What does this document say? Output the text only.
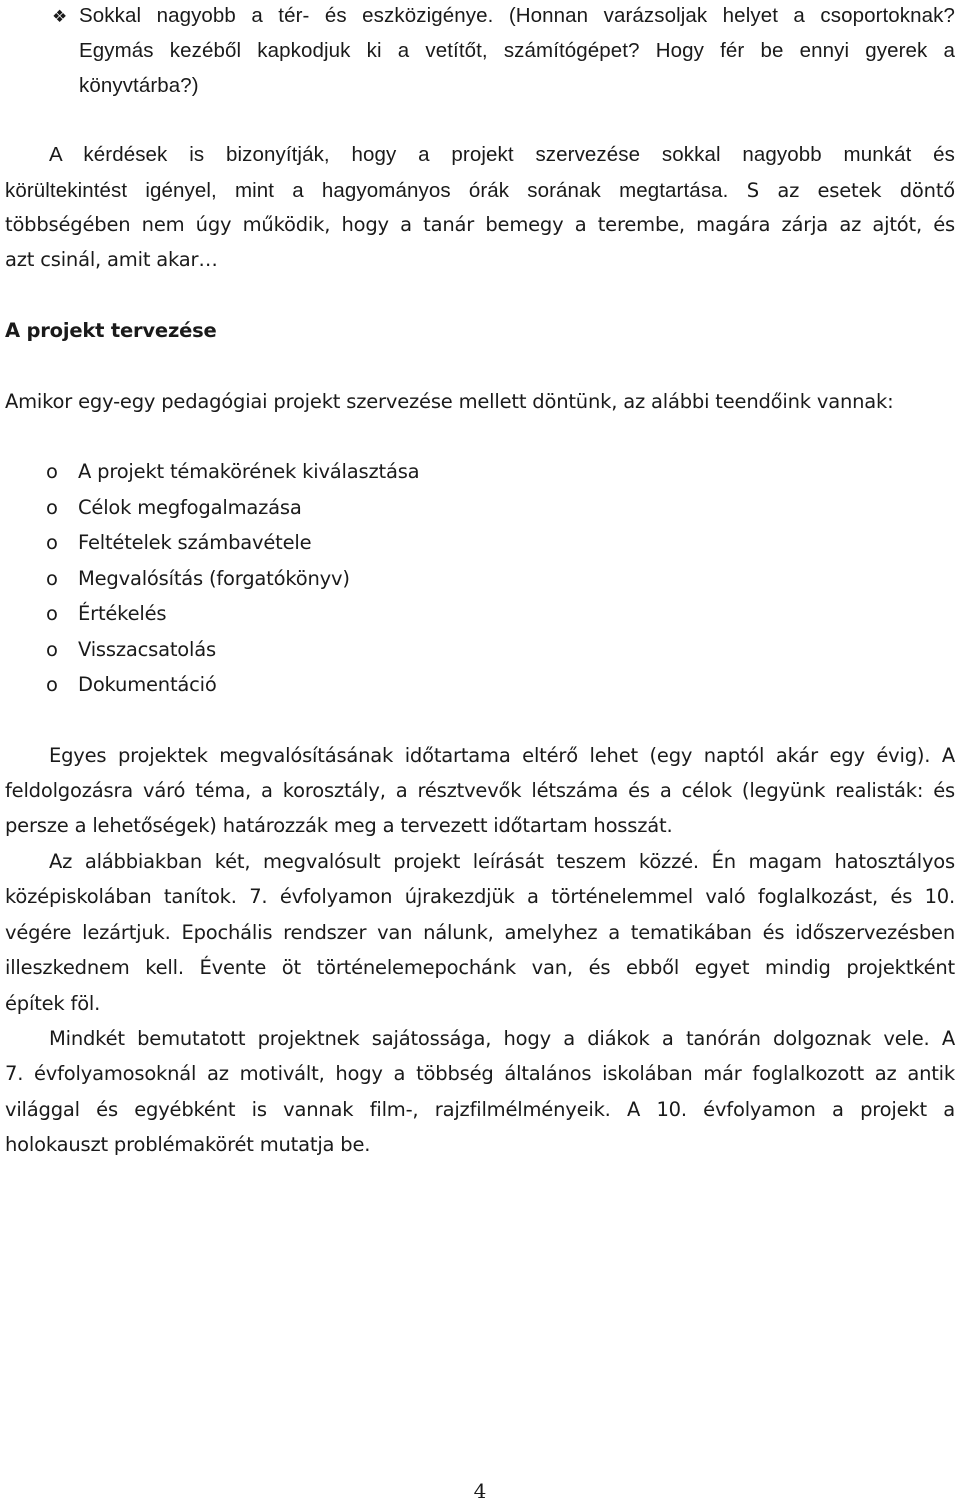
❖ Sokkal nagyobb a tér- és eszközigénye. (Honnan varázsoljak helyet a csoportoknak?
Egymás kezéből kapkodjuk ki a vetítőt, számítógépet? Hogy fér be ennyi gyerek a
könyvtárba?)
A kérdések is bizonyítják, hogy a projekt szervezése sokkal nagyobb munkát és
körültekintést igényel, mint a hagyományos órák sorának megtartása. S az esetek döntő
többségében nem úgy működik, hogy a tanár bemegy a terembe, magára zárja az ajtót, és
azt csinál, amit akar…
A projekt tervezése
Amikor egy-egy pedagógiai projekt szervezése mellett döntünk, az alábbi teendőink vannak:
o A projekt témakörének kiválasztása
o Célok megfogalmazása
o Feltételek számbavétele
o Megvalósítás (forgatókönyv)
o Értékelés
o Visszacsatolás
o Dokumentáció
Egyes projektek megvalósításának időtartama eltérő lehet (egy naptól akár egy évig). A
feldolgozásra váró téma, a korosztály, a résztvevők létszáma és a célok (legyünk realisták: és
persze a lehetőségek) határozzák meg a tervezett időtartam hosszát.
Az alábbiakban két, megvalósult projekt leírását teszem közzé. Én magam hatosztályos
középiskolában tanítok. 7. évfolyamon újrakezdjük a történelemmel való foglalkozást, és 10.
végére lezártjuk. Epochális rendszer van nálunk, amelyhez a tematikában és időszervezésben
illeszkednem kell. Évente öt történelemepochánk van, és ebből egyet mindig projektként
építek föl.
Mindkét bemutatott projektnek sajátossága, hogy a diákok a tanórán dolgoznak vele. A
7. évfolyamosoknál az motivált, hogy a többség általános iskolában már foglalkozott az antik
világgal és egyébként is vannak film-, rajzfilmélményeik. A 10. évfolyamon a projekt a
holokauszt problémakörét mutatja be.
4
